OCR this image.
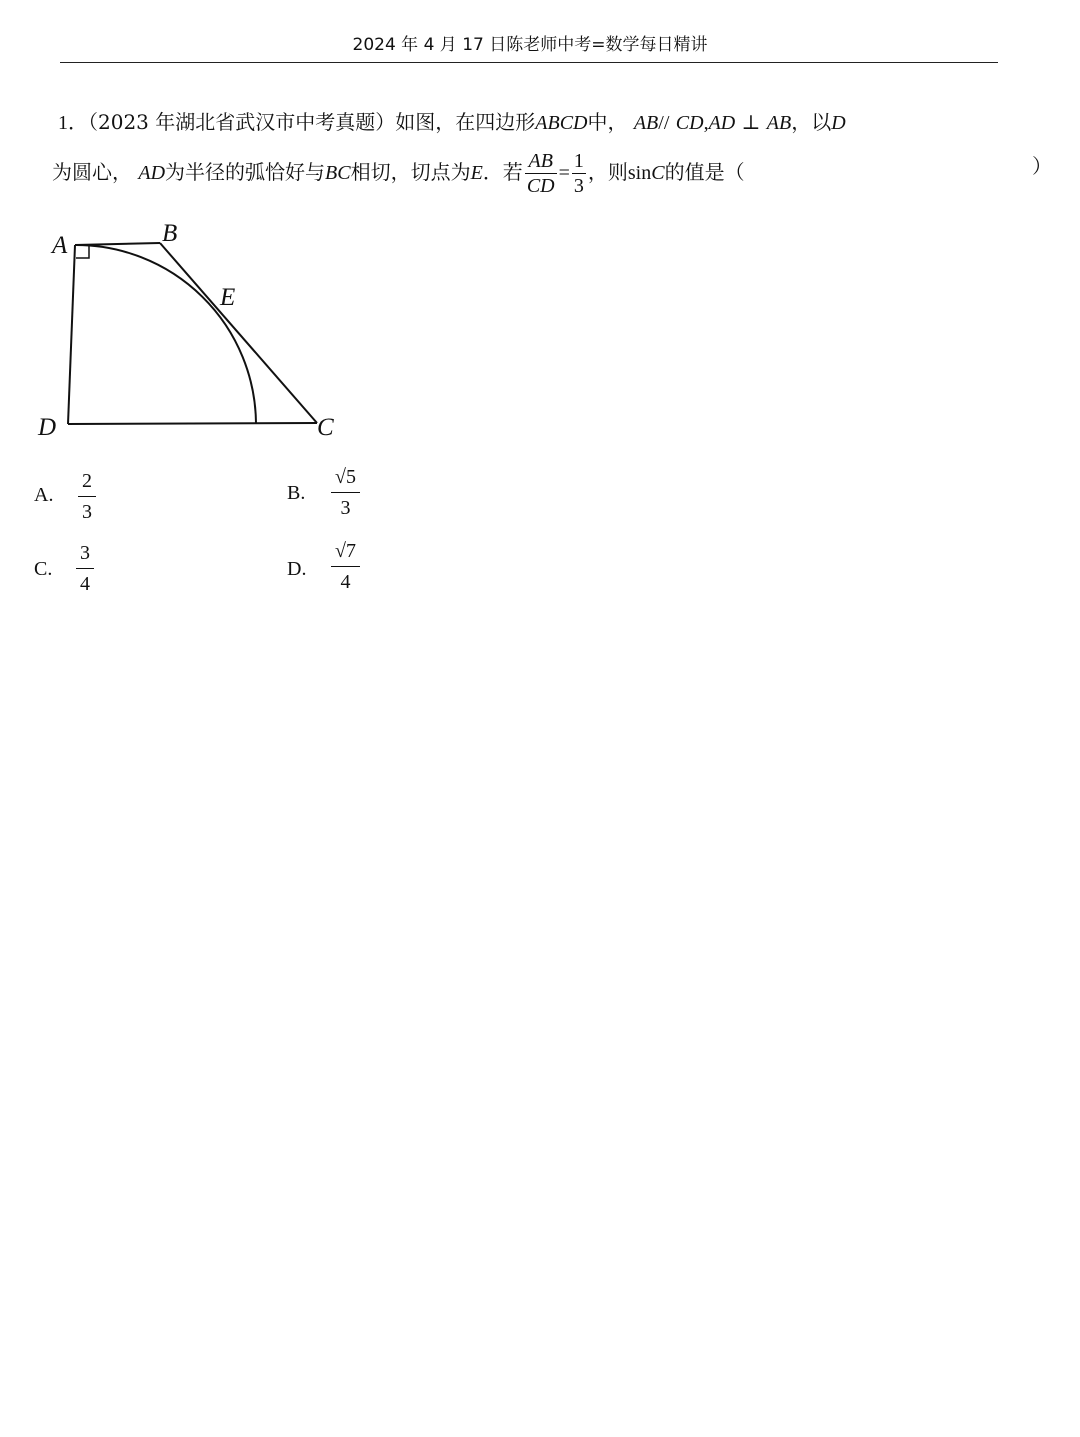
2024 年 4 月 17 日陈老师中考=数学每日精讲
1．（2023 年湖北省武汉市中考真题）如图，在四边形ABCD中， AB// CD,AD ⊥ AB，以D
为圆心， AD为半径的弧恰好与BC相切，切点为E．若 $\frac{AB}{CD} = \frac{1}{3}$ ，则sinC的值是（	）
A	B
E
D	C
A. $\frac{2}{3}$	B. $\frac{√5}{3}$
C. $\frac{3}{4}$	D. $\frac{√7}{4}$
